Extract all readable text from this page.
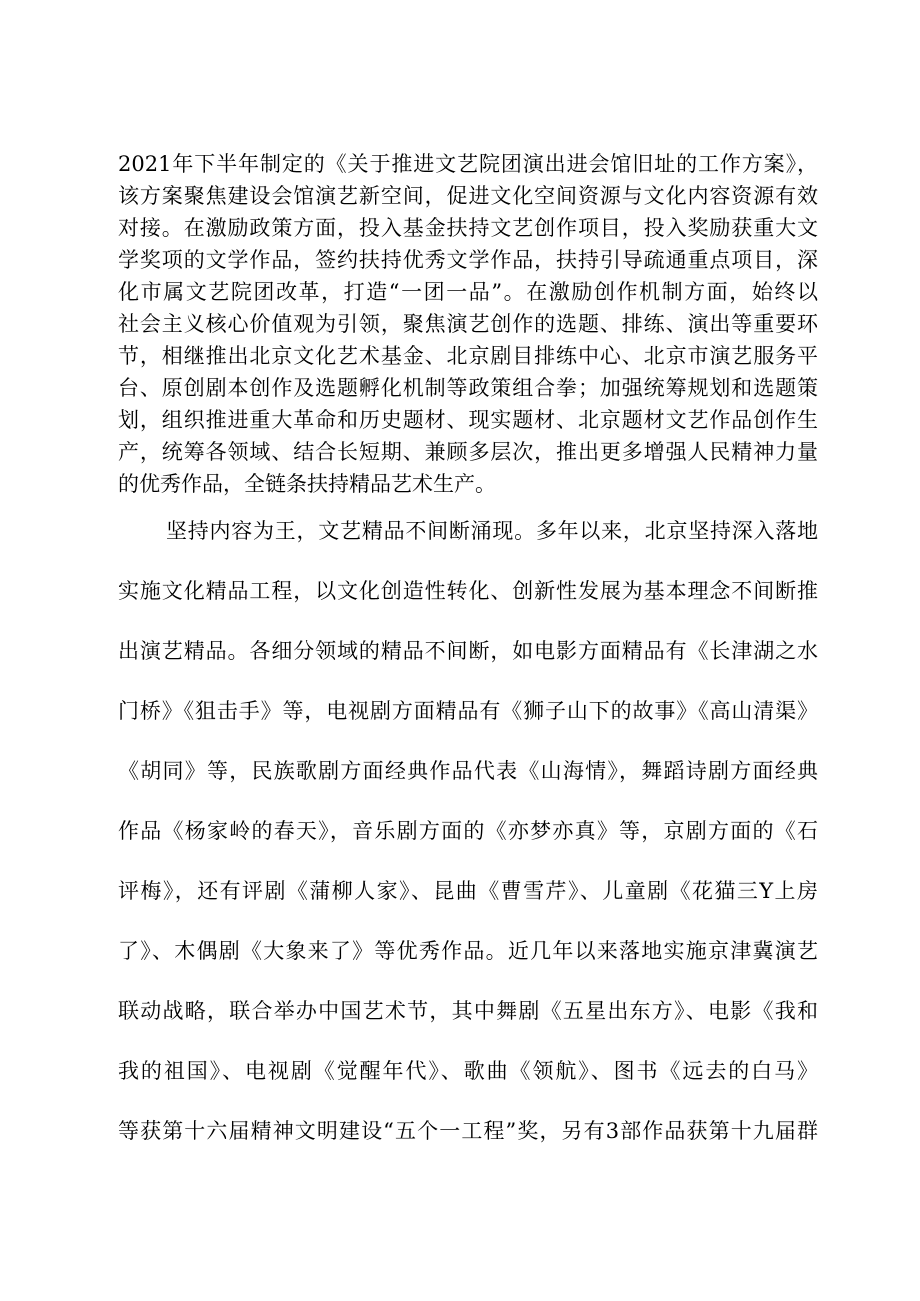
2021年下半年制定的《关于推进文艺院团演出进会馆旧址的工作方案》，

该方案聚焦建设会馆演艺新空间，促进文化空间资源与文化内容资源有效

对接。在激励政策方面，投入基金扶持文艺创作项目，投入奖励获重大文

学奖项的文学作品，签约扶持优秀文学作品，扶持引导疏通重点项目，深

化市属文艺院团改革，打造“一团一品”。在激励创作机制方面，始终以

社会主义核心价值观为引领，聚焦演艺创作的选题、排练、演出等重要环

节，相继推出北京文化艺术基金、北京剧目排练中心、北京市演艺服务平

台、原创剧本创作及选题孵化机制等政策组合拳；加强统筹规划和选题策

划，组织推进重大革命和历史题材、现实题材、北京题材文艺作品创作生

产，统筹各领域、结合长短期、兼顾多层次，推出更多增强人民精神力量

的优秀作品，全链条扶持精品艺术生产。

坚持内容为王，文艺精品不间断涌现。多年以来，北京坚持深入落地

实施文化精品工程，以文化创造性转化、创新性发展为基本理念不间断推

出演艺精品。各细分领域的精品不间断，如电影方面精品有《长津湖之水

门桥》《狙击手》等，电视剧方面精品有《狮子山下的故事》《高山清渠》

《胡同》等，民族歌剧方面经典作品代表《山海情》，舞蹈诗剧方面经典

作品《杨家岭的春天》，音乐剧方面的《亦梦亦真》等，京剧方面的《石

评梅》，还有评剧《蒲柳人家》、昆曲《曹雪芹》、儿童剧《花猫三Y上房

了》、木偶剧《大象来了》等优秀作品。近几年以来落地实施京津冀演艺

联动战略，联合举办中国艺术节，其中舞剧《五星出东方》、电影《我和

我的祖国》、电视剧《觉醒年代》、歌曲《领航》、图书《远去的白马》

等获第十六届精神文明建设“五个一工程”奖，另有3部作品获第十九届群
